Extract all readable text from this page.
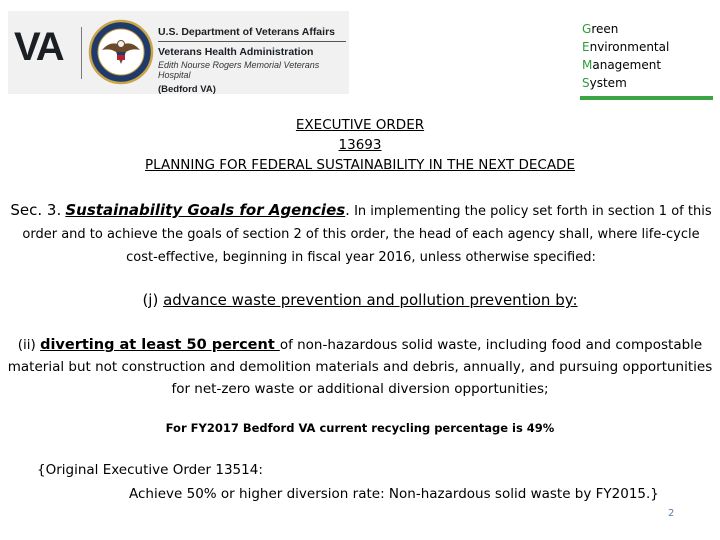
VA	U.S. Department of Veterans Affairs
Veterans Health Administration
Edith Nourse Rogers Memorial Veterans Hospital
(Bedford VA)
Green
Environmental
Management
System
EXECUTIVE ORDER
13693
PLANNING FOR FEDERAL SUSTAINABILITY IN THE NEXT DECADE
Sec. 3. Sustainability Goals for Agencies. In implementing the policy set forth in section 1 of this order and to achieve the goals of section 2 of this order, the head of each agency shall, where life-cycle cost-effective, beginning in fiscal year 2016, unless otherwise specified:
(j) advance waste prevention and pollution prevention by:
(ii) diverting at least 50 percent of non-hazardous solid waste, including food and compostable material but not construction and demolition materials and debris, annually, and pursuing opportunities for net-zero waste or additional diversion opportunities;
For FY2017 Bedford VA current recycling percentage is 49%
{Original Executive Order 13514:
Achieve 50% or higher diversion rate: Non-hazardous solid waste by FY2015.}
2
